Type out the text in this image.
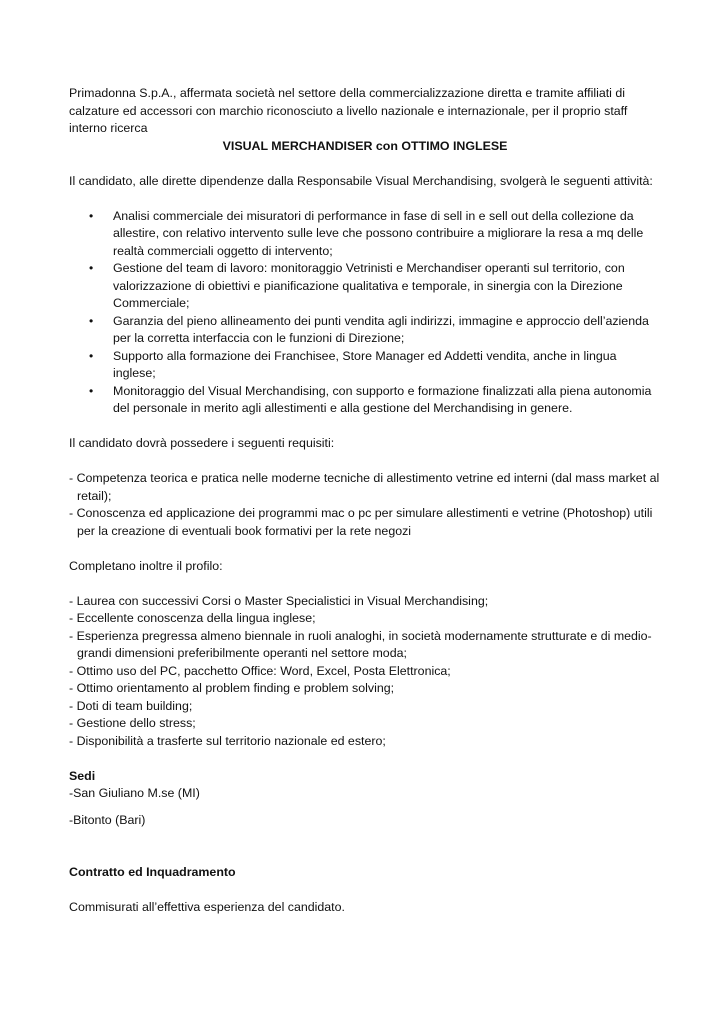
Primadonna S.p.A., affermata società nel settore della commercializzazione diretta e tramite affiliati di calzature ed accessori con marchio riconosciuto a livello nazionale e internazionale, per il proprio staff interno ricerca

VISUAL MERCHANDISER con OTTIMO INGLESE

Il candidato, alle dirette dipendenze dalla Responsabile Visual Merchandising, svolgerà le seguenti attività:

• Analisi commerciale dei misuratori di performance in fase di sell in e sell out della collezione da allestire, con relativo intervento sulle leve che possono contribuire a migliorare la resa a mq delle realtà commerciali oggetto di intervento;
• Gestione del team di lavoro: monitoraggio Vetrinisti e Merchandiser operanti sul territorio, con valorizzazione di obiettivi e pianificazione qualitativa e temporale, in sinergia con la Direzione Commerciale;
• Garanzia del pieno allineamento dei punti vendita agli indirizzi, immagine e approccio dell’azienda per la corretta interfaccia con le funzioni di Direzione;
• Supporto alla formazione dei Franchisee, Store Manager ed Addetti vendita, anche in lingua inglese;
• Monitoraggio del Visual Merchandising, con supporto e formazione finalizzati alla piena autonomia del personale in merito agli allestimenti e alla gestione del Merchandising in genere.

Il candidato dovrà possedere i seguenti requisiti:

- Competenza teorica e pratica nelle moderne tecniche di allestimento vetrine ed interni (dal mass market al retail);

- Conoscenza ed applicazione dei programmi mac o pc per simulare allestimenti e vetrine (Photoshop) utili per la creazione di eventuali book formativi per la rete negozi

Completano inoltre il profilo:

- Laurea con successivi Corsi o Master Specialistici in Visual Merchandising;

- Eccellente conoscenza della lingua inglese;

- Esperienza pregressa almeno biennale in ruoli analoghi, in società modernamente strutturate e di medio-grandi dimensioni preferibilmente operanti nel settore moda;

- Ottimo uso del PC, pacchetto Office: Word, Excel, Posta Elettronica;

- Ottimo orientamento al problem finding e problem solving;

- Doti di team building;

- Gestione dello stress;

- Disponibilità a trasferte sul territorio nazionale ed estero;

Sedi

-San Giuliano M.se (MI)

-Bitonto (Bari)

Contratto ed Inquadramento

Commisurati all’effettiva esperienza del candidato.
